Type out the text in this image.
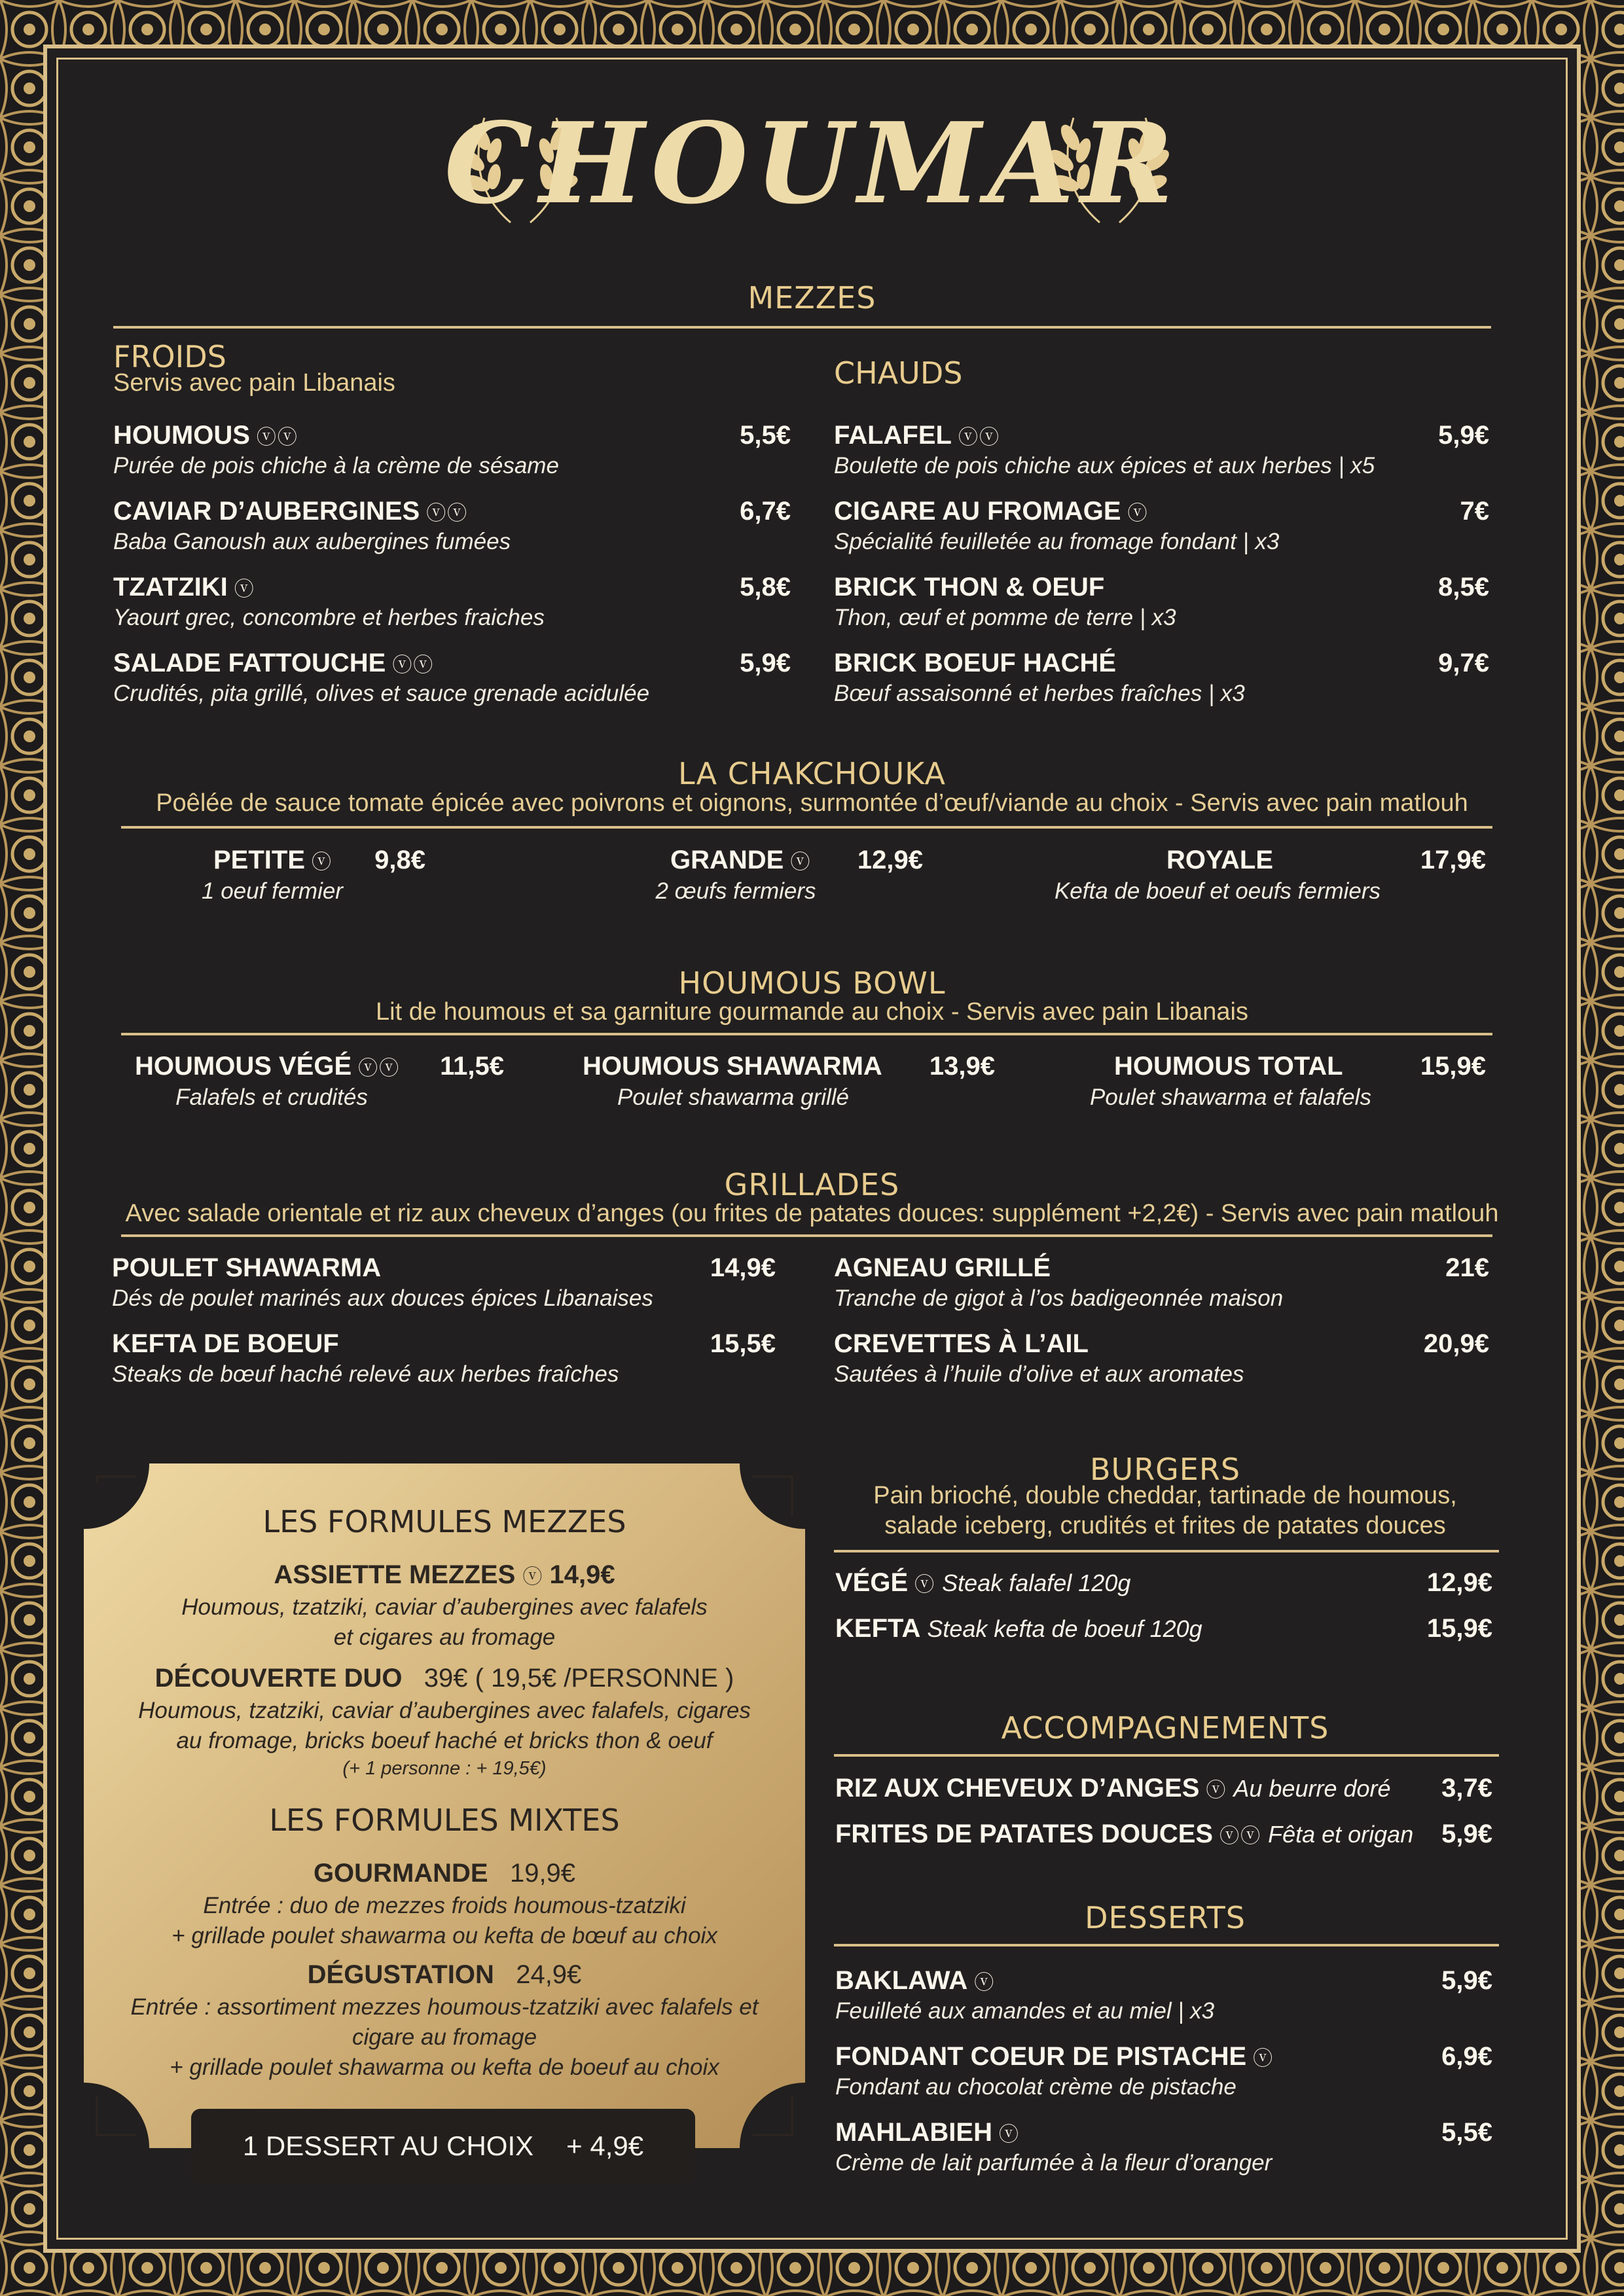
CHOUMAR
MEZZES
FROIDS
Servis avec pain Libanais	CHAUDS
HOUMOUS ⓥⓥ	5,5€
Purée de pois chiche à la crème de sésame
CAVIAR D’AUBERGINES ⓥⓥ	6,7€
Baba Ganoush aux aubergines fumées
TZATZIKI ⓥ	5,8€
Yaourt grec, concombre et herbes fraiches
SALADE FATTOUCHE ⓥⓥ	5,9€
Crudités, pita grillé, olives et sauce grenade acidulée
FALAFEL ⓥⓥ	5,9€
Boulette de pois chiche aux épices et aux herbes | x5
CIGARE AU FROMAGE ⓥ	7€
Spécialité feuilletée au fromage fondant | x3
BRICK THON & OEUF	8,5€
Thon, œuf et pomme de terre | x3
BRICK BOEUF HACHÉ	9,7€
Bœuf assaisonné et herbes fraîches | x3
LA CHAKCHOUKA
Poêlée de sauce tomate épicée avec poivrons et oignons, surmontée d’œuf/viande au choix - Servis avec pain matlouh
PETITE ⓥ	9,8€
1 oeuf fermier
GRANDE ⓥ	12,9€
2 œufs fermiers
ROYALE	17,9€
Kefta de boeuf et oeufs fermiers
HOUMOUS BOWL
Lit de houmous et sa garniture gourmande au choix - Servis avec pain Libanais
HOUMOUS VÉGÉ ⓥⓥ	11,5€
Falafels et crudités
HOUMOUS SHAWARMA	13,9€
Poulet shawarma grillé
HOUMOUS TOTAL	15,9€
Poulet shawarma et falafels
GRILLADES
Avec salade orientale et riz aux cheveux d’anges (ou frites de patates douces: supplément +2,2€) - Servis avec pain matlouh
POULET SHAWARMA	14,9€
Dés de poulet marinés aux douces épices Libanaises
KEFTA DE BOEUF	15,5€
Steaks de bœuf haché relevé aux herbes fraîches
AGNEAU GRILLÉ	21€
Tranche de gigot à l’os badigeonnée maison
CREVETTES À L’AIL	20,9€
Sautées à l’huile d’olive et aux aromates
LES FORMULES MEZZES
ASSIETTE MEZZES ⓥ 14,9€
Houmous, tzatziki, caviar d’aubergines avec falafels
et cigares au fromage
DÉCOUVERTE DUO 39€ ( 19,5€ /PERSONNE )
Houmous, tzatziki, caviar d’aubergines avec falafels, cigares
au fromage, bricks boeuf haché et bricks thon & oeuf
(+ 1 personne : + 19,5€)
LES FORMULES MIXTES
GOURMANDE 19,9€
Entrée : duo de mezzes froids houmous-tzatziki
+ grillade poulet shawarma ou kefta de bœuf au choix
DÉGUSTATION 24,9€
Entrée : assortiment mezzes houmous-tzatziki avec falafels et
cigare au fromage
+ grillade poulet shawarma ou kefta de boeuf au choix
1 DESSERT AU CHOIX + 4,9€
BURGERS
Pain brioché, double cheddar, tartinade de houmous,
salade iceberg, crudités et frites de patates douces
VÉGÉ ⓥ Steak falafel 120g	12,9€
KEFTA Steak kefta de boeuf 120g	15,9€
ACCOMPAGNEMENTS
RIZ AUX CHEVEUX D’ANGES ⓥ Au beurre doré	3,7€
FRITES DE PATATES DOUCES ⓥⓥ Fêta et origan	5,9€
DESSERTS
BAKLAWA ⓥ	5,9€
Feuilleté aux amandes et au miel | x3
FONDANT COEUR DE PISTACHE ⓥ	6,9€
Fondant au chocolat crème de pistache
MAHLABIEH ⓥ	5,5€
Crème de lait parfumée à la fleur d’oranger
